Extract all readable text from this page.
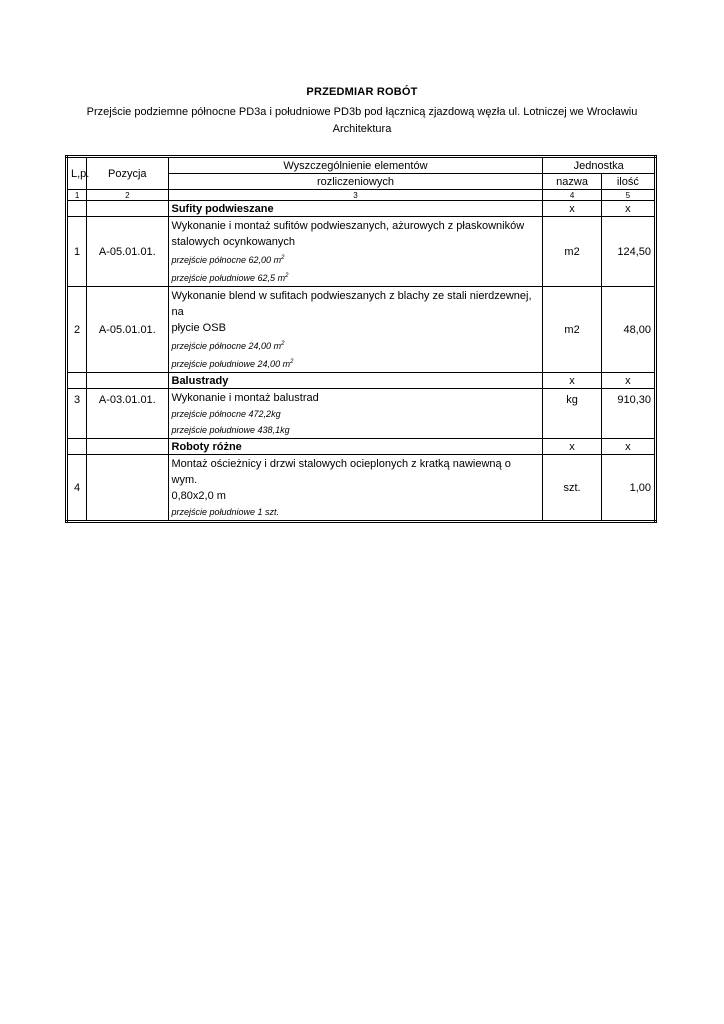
PRZEDMIAR ROBÓT
Przejście podziemne północne PD3a i południowe PD3b pod łącznicą zjazdową węzła ul. Lotniczej we Wrocławiu
Architektura
L,p.	Pozycja	Wyszczególnienie elementów	Jednostka	
		rozliczeniowych	nazwa	ilość
1	2	3	4	5
		Sufity podwieszane	x	x
1	A-05.01.01.	Wykonanie i montaż sufitów podwieszanych, ażurowych z płaskowników
stalowych ocynkowanych
przejście północne 62,00 $m^2$
przejście południowe 62,5 $m^2$	m2	124,50
2	A-05.01.01.	Wykonanie blend w sufitach podwieszanych z blachy ze stali nierdzewnej, na
płycie OSB
przejście północne 24,00 $m^2$
przejście południowe 24,00 $m^2$	m2	48,00
		Balustrady	x	x
3	A-03.01.01.	Wykonanie i montaż balustrad
przejście północne 472,2kg
przejście południowe 438,1kg	kg	910,30
		Roboty różne	x	x
4		Montaż ościeżnicy i drzwi stalowych ocieplonych z kratką nawiewną o wym.
0,80x2,0 m
przejście południowe 1 szt.	szt.	1,00
